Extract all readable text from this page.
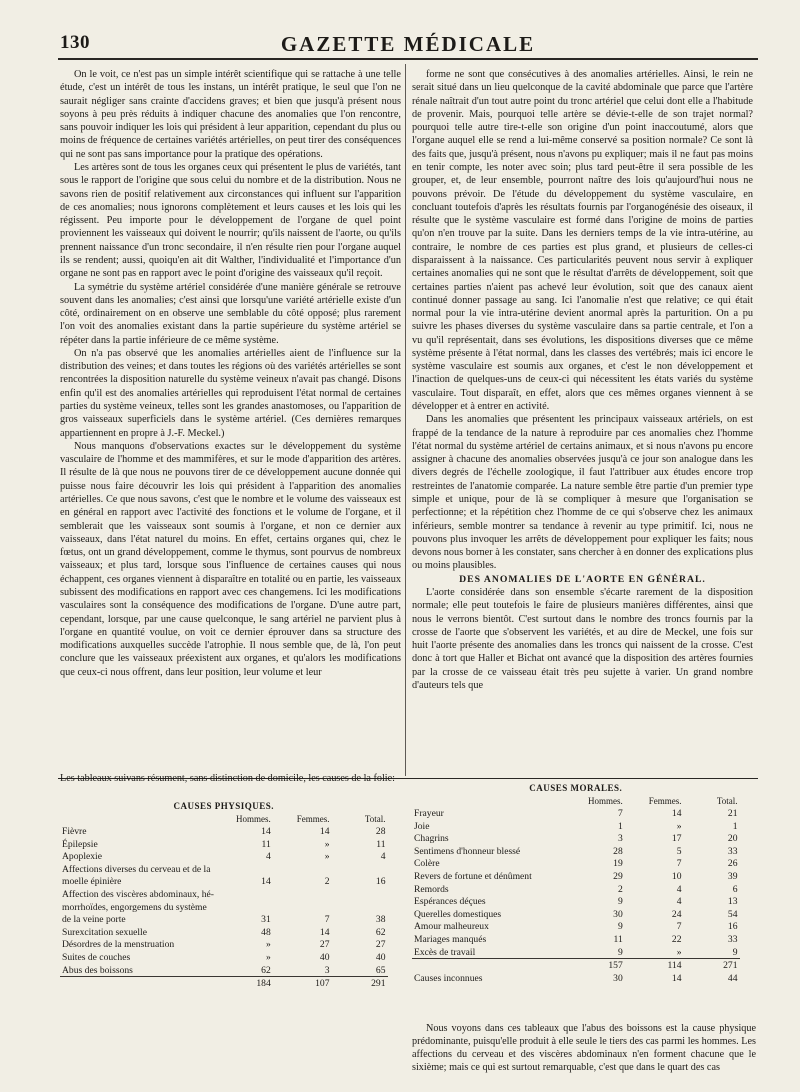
130	GAZETTE MÉDICALE

On le voit, ce n'est pas un simple intérêt scientifique qui se rattache à une telle étude, c'est un intérêt de tous les instans, un intérêt pratique, le seul que l'on ne saurait négliger sans crainte d'accidens graves; et bien que jusqu'à présent nous soyons à peu près réduits à indiquer chacune des anomalies que l'on rencontre, sans pouvoir indiquer les lois qui président à leur apparition, cependant du plus ou moins de fréquence de certaines variétés artérielles, on peut tirer des conséquences qui ne sont pas sans importance pour la pratique des opérations.

Les artères sont de tous les organes ceux qui présentent le plus de variétés, tant sous le rapport de l'origine que sous celui du nombre et de la distribution. Nous ne savons rien de positif relativement aux circonstances qui influent sur l'apparition de ces anomalies; nous ignorons complètement et leurs causes et les lois qui les régissent. Peu importe pour le développement de l'organe de quel point proviennent les vaisseaux qui doivent le nourrir; qu'ils naissent de l'aorte, ou qu'ils prennent naissance d'un tronc secondaire, il n'en résulte rien pour l'organe auquel ils se rendent; aussi, quoiqu'en ait dit Walther, l'individualité et l'importance d'un organe ne sont pas en rapport avec le point d'origine des vaisseaux qu'il reçoit.

La symétrie du système artériel considérée d'une manière générale se retrouve souvent dans les anomalies; c'est ainsi que lorsqu'une variété artérielle existe d'un côté, ordinairement on en observe une semblable du côté opposé; plus rarement l'on voit des anomalies existant dans la partie supérieure du système artériel se répéter dans la partie inférieure de ce même système.

On n'a pas observé que les anomalies artérielles aient de l'influence sur la distribution des veines; et dans toutes les régions où des variétés artérielles se sont rencontrées la disposition naturelle du système veineux n'avait pas changé. Disons enfin qu'il est des anomalies artérielles qui reproduisent l'état normal de certaines parties du système veineux, telles sont les grandes anastomoses, ou l'apparition de gros vaisseaux superficiels dans le système artériel. (Ces dernières remarques appartiennent en propre à J.-F. Meckel.)

Nous manquons d'observations exactes sur le développement du système vasculaire de l'homme et des mammifères, et sur le mode d'apparition des artères. Il résulte de là que nous ne pouvons tirer de ce développement aucune donnée qui puisse nous faire découvrir les lois qui président à l'apparition des anomalies artérielles. Ce que nous savons, c'est que le nombre et le volume des vaisseaux est en général en rapport avec l'activité des fonctions et le volume de l'organe, et il semblerait que les vaisseaux sont soumis à l'organe, et non ce dernier aux vaisseaux, dans l'état naturel du moins. En effet, certains organes qui, chez le fœtus, ont un grand développement, comme le thymus, sont pourvus de nombreux vaisseaux; et plus tard, lorsque sous l'influence de certaines causes qui nous échappent, ces organes viennent à disparaître en totalité ou en partie, les vaisseaux subissent des modifications en rapport avec ces changemens. Ici les modifications vasculaires sont la conséquence des modifications de l'organe. D'une autre part, cependant, lorsque, par une cause quelconque, le sang artériel ne parvient plus à l'organe en quantité voulue, on voit ce dernier éprouver dans sa structure des modifications auxquelles succède l'atrophie. Il nous semble que, de là, l'on peut conclure que les vaisseaux préexistent aux organes, et qu'alors les modifications que ceux-ci nous offrent, dans leur position, leur volume et leur

forme ne sont que consécutives à des anomalies artérielles. Ainsi, le rein ne serait situé dans un lieu quelconque de la cavité abdominale que parce que l'artère rénale naîtrait d'un tout autre point du tronc artériel que celui dont elle a l'habitude de provenir. Mais, pourquoi telle artère se dévie-t-elle de son trajet normal? pourquoi telle autre tire-t-elle son origine d'un point inaccoutumé, alors que l'organe auquel elle se rend a lui-même conservé sa position normale? Ce sont là des faits que, jusqu'à présent, nous n'avons pu expliquer; mais il ne faut pas moins en tenir compte, les noter avec soin; plus tard peut-être il sera possible de les grouper, et, de leur ensemble, pourront naître des lois qu'aujourd'hui nous ne pouvons prévoir. De l'étude du développement du système vasculaire, en concluant toutefois d'après les résultats fournis par l'organogénésie des oiseaux, il résulte que le système vasculaire est formé dans l'origine de moins de parties qu'on n'en trouve par la suite. Dans les derniers temps de la vie intra-utérine, au contraire, le nombre de ces parties est plus grand, et plusieurs de celles-ci disparaissent à la naissance. Ces particularités peuvent nous servir à expliquer certaines anomalies qui ne sont que le résultat d'arrêts de développement, soit que certaines parties n'aient pas achevé leur évolution, soit que des canaux aient continué donner passage au sang. Ici l'anomalie n'est que relative; ce qui était normal pour la vie intra-utérine devient anormal après la parturition. On a pu suivre les phases diverses du système vasculaire dans sa partie centrale, et l'on a vu qu'il représentait, dans ses évolutions, les dispositions diverses que ce même système présente à l'état normal, dans les classes des vertébrés; mais ici encore le système vasculaire est soumis aux organes, et c'est le non développement et l'inaction de quelques-uns de ceux-ci qui nécessitent les états variés du système vasculaire. Tout disparaît, en effet, alors que ces mêmes organes viennent à se développer et à entrer en activité.

Dans les anomalies que présentent les principaux vaisseaux artériels, on est frappé de la tendance de la nature à reproduire par ces anomalies chez l'homme l'état normal du système artériel de certains animaux, et si nous n'avons pu encore assigner à chacune des anomalies observées jusqu'à ce jour son analogue dans les divers degrés de l'échelle zoologique, il faut l'attribuer aux études encore trop restreintes de l'anatomie comparée. La nature semble être partie d'un premier type simple et unique, pour de là se compliquer à mesure que l'organisation se perfectionne; et la répétition chez l'homme de ce qui s'observe chez les animaux inférieurs, semble montrer sa tendance à revenir au type primitif. Ici, nous ne pouvons plus invoquer les arrêts de développement pour expliquer les faits; nous devons nous borner à les constater, sans chercher à en donner des explications plus ou moins plausibles.

DES ANOMALIES DE L'AORTE EN GÉNÉRAL.

L'aorte considérée dans son ensemble s'écarte rarement de la disposition normale; elle peut toutefois le faire de plusieurs manières différentes, ainsi que nous le verrons bientôt. C'est surtout dans le nombre des troncs fournis par la crosse de l'aorte que s'observent les variétés, et au dire de Meckel, une fois sur huit l'aorte présente des anomalies dans les troncs qui naissent de la crosse. C'est donc à tort que Haller et Bichat ont avancé que la disposition des artères fournies par la crosse de ce vaisseau était très peu sujette à varier. Un grand nombre d'auteurs tels que

Les tableaux suivans résument, sans distinction de domicile, les causes de la folie:
CAUSES PHYSIQUES.					
	Hommes.		Femmes.		Total.
Fièvre	14		14		28
Épilepsie	11		»		11
Apoplexie	4		»		4
Affections diverses du cerveau et de la					
moelle épinière	14		2		16
Affection des viscères abdominaux, hé-					
morrhoïdes, engorgemens du système					
de la veine porte	31		7		38
Surexcitation sexuelle	48		14		62
Désordres de la menstruation	»		27		27
Suites de couches	»		40		40
Abus des boissons	62		3		65
	184		107		291
CAUSES MORALES.					
	Hommes.		Femmes.		Total.
Frayeur	7		14		21
Joie	1		»		1
Chagrins	3		17		20
Sentimens d'honneur blessé	28		5		33
Colère	19		7		26
Revers de fortune et dénûment	29		10		39
Remords	2		4		6
Espérances déçues	9		4		13
Querelles domestiques	30		24		54
Amour malheureux	9		7		16
Mariages manqués	11		22		33
Excès de travail	9		»		9
	157		114		271
Causes inconnues	30		14		44
Nous voyons dans ces tableaux que l'abus des boissons est la cause physique prédominante, puisqu'elle produit à elle seule le tiers des cas parmi les hommes. Les affections du cerveau et des viscères abdominaux n'en forment chacune que le sixième; mais ce qui est surtout remarquable, c'est que dans le quart des cas
